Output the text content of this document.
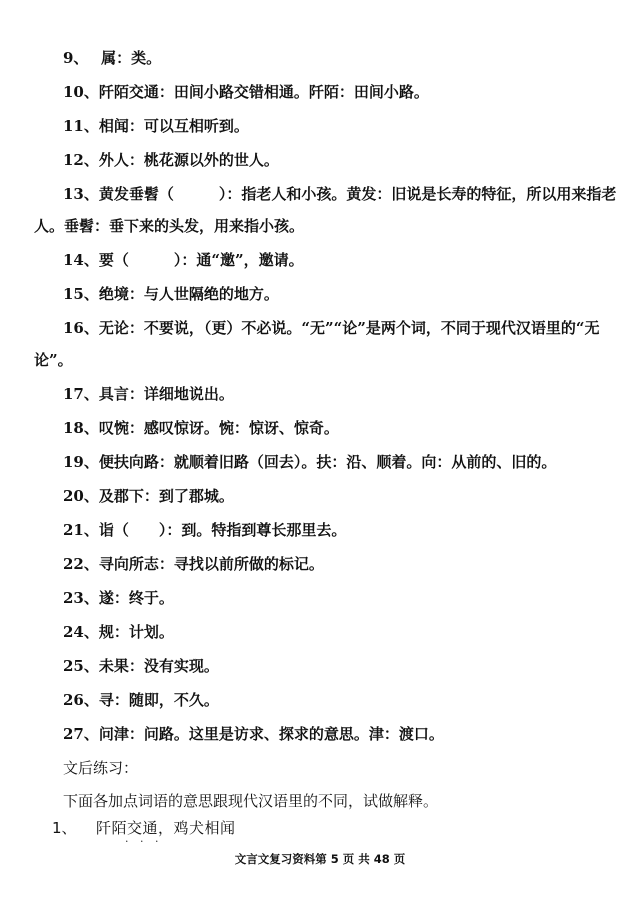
9、　 属：类。
10、阡陌交通：田间小路交错相通。阡陌：田间小路。
11、相闻：可以互相听到。
12、外人：桃花源以外的世人。
13、黄发垂髫（　　　）：指老人和小孩。黄发：旧说是长寿的特征，所以用来指老
人。垂髫：垂下来的头发，用来指小孩。
14、要（　　　）：通“邀”，邀请。
15、绝境：与人世隔绝的地方。
16、无论：不要说，（更）不必说。“无”“论”是两个词，不同于现代汉语里的“无
论”。
17、具言：详细地说出。
18、叹惋：感叹惊讶。惋：惊讶、惊奇。
19、便扶向路：就顺着旧路（回去）。扶：沿、顺着。向：从前的、旧的。
20、及郡下：到了郡城。
21、诣（　　）：到。特指到尊长那里去。
22、寻向所志：寻找以前所做的标记。
23、遂：终于。
24、规：计划。
25、未果：没有实现。
26、寻：随即，不久。
27、问津：问路。这里是访求、探求的意思。津：渡口。
文后练习：
下面各加点词语的意思跟现代汉语里的不同，试做解释。
1、 阡陌交通，鸡犬相闻
· · ·
文言文复习资料第 5 页 共 48 页
